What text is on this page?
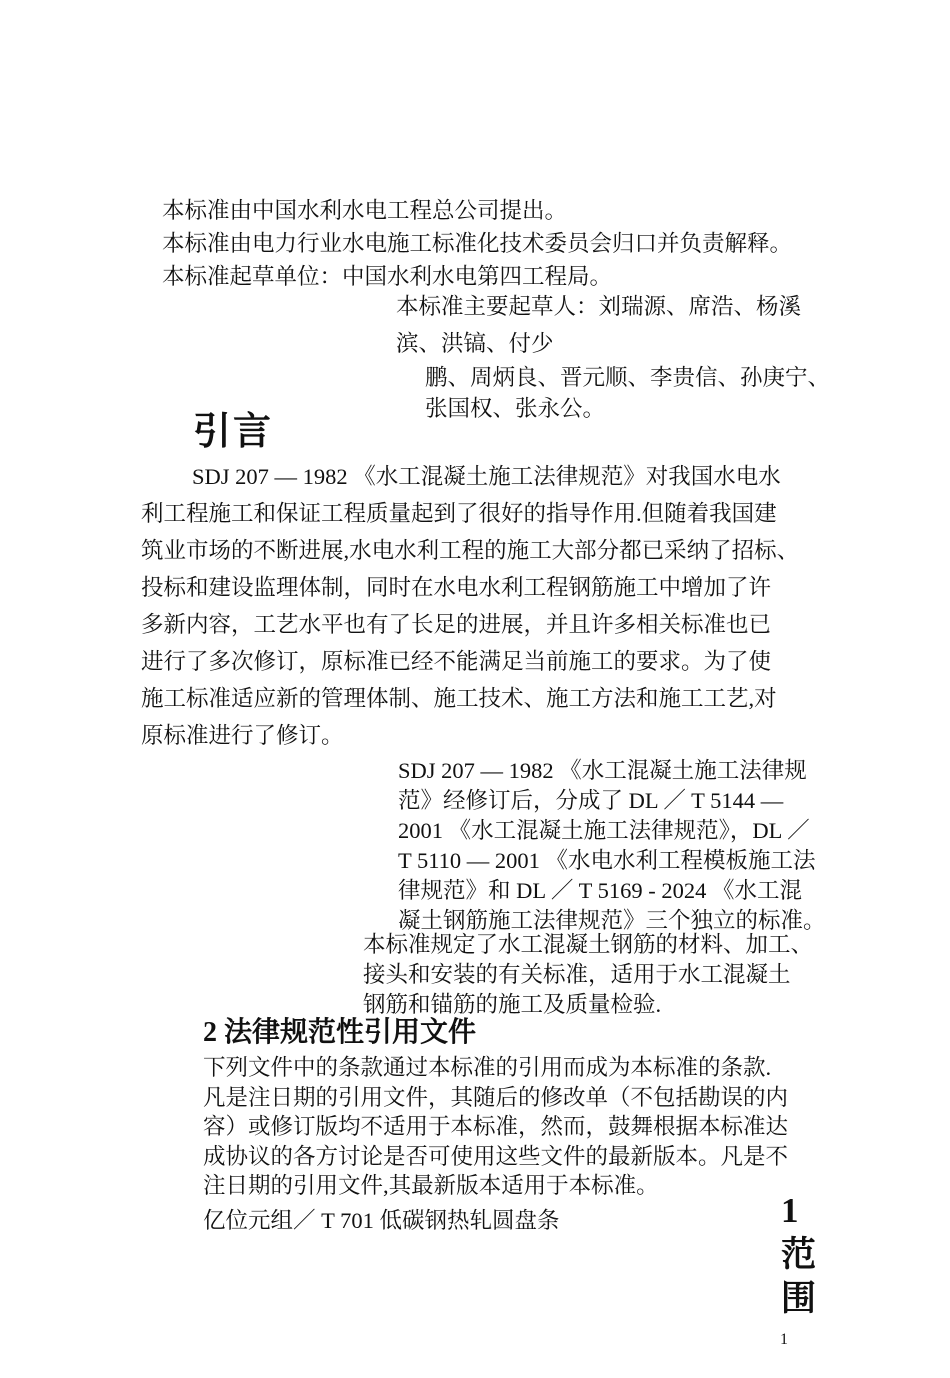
本标准由中国水利水电工程总公司提出。
本标准由电力行业水电施工标准化技术委员会归口并负责解释。
本标准起草单位：中国水利水电第四工程局。
本标准主要起草人：刘瑞源、席浩、杨溪
滨、洪镐、付少
鹏、周炳良、晋元顺、李贵信、孙庚宁、
张国权、张永公。
引言
SDJ 207 — 1982 《水工混凝土施工法律规范》对我国水电水
利工程施工和保证工程质量起到了很好的指导作用.但随着我国建
筑业市场的不断进展,水电水利工程的施工大部分都已采纳了招标、
投标和建设监理体制，同时在水电水利工程钢筋施工中增加了许
多新内容，工艺水平也有了长足的进展，并且许多相关标准也已
进行了多次修订，原标准已经不能满足当前施工的要求。为了使
施工标准适应新的管理体制、施工技术、施工方法和施工工艺,对
原标准进行了修订。
SDJ 207 — 1982 《水工混凝土施工法律规
范》经修订后，分成了 DL ／ T 5144 —
2001 《水工混凝土施工法律规范》，DL ／
T 5110 — 2001 《水电水利工程模板施工法
律规范》和 DL ／ T 5169 - 2024 《水工混
凝土钢筋施工法律规范》三个独立的标准。
本标准规定了水工混凝土钢筋的材料、加工、
接头和安装的有关标准，适用于水工混凝土
钢筋和锚筋的施工及质量检验.
2 法律规范性引用文件
下列文件中的条款通过本标准的引用而成为本标准的条款.
凡是注日期的引用文件，其随后的修改单（不包括勘误的内
容）或修订版均不适用于本标准，然而，鼓舞根据本标准达
成协议的各方讨论是否可使用这些文件的最新版本。凡是不
注日期的引用文件,其最新版本适用于本标准。
亿位元组／ T 701 低碳钢热轧圆盘条	1
范
围
1
